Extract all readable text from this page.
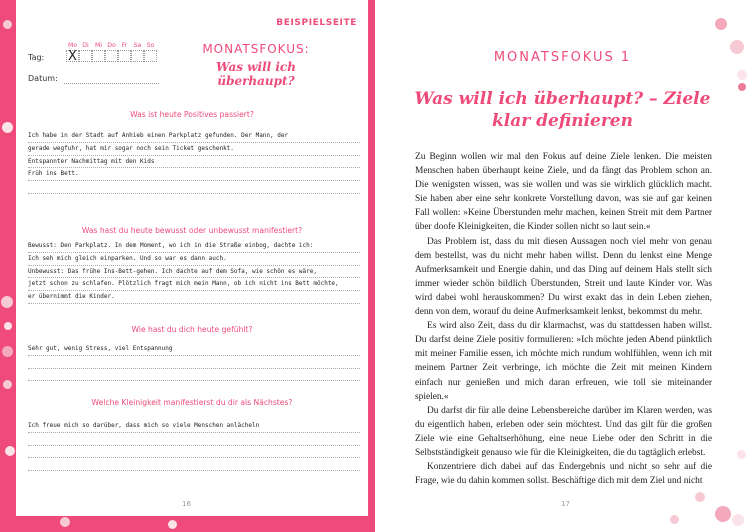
BEISPIELSEITE
Mo Di Mi Do Fr Sa So
Tag: X
Datum:
MONATSFOKUS:
Was will ich überhaupt?
Was ist heute Positives passiert?
Ich habe in der Stadt auf Anhieb einen Parkplatz gefunden. Der Mann, der
gerade wegfuhr, hat mir sogar noch sein Ticket geschenkt.
Entspannter Nachmittag mit den Kids
Früh ins Bett.
Was hast du heute bewusst oder unbewusst manifestiert?
Bewusst: Den Parkplatz. In dem Moment, wo ich in die Straße einbog, dachte ich:
Ich seh mich gleich einparken. Und so war es dann auch.
Unbewusst: Das frühe Ins-Bett-gehen. Ich dachte auf dem Sofa, wie schön es wäre,
jetzt schon zu schlafen. Plötzlich fragt mich mein Mann, ob ich nicht ins Bett möchte,
er übernimmt die Kinder.
Wie hast du dich heute gefühlt?
Sehr gut, wenig Stress, viel Entspannung
Welche Kleinigkeit manifestierst du dir als Nächstes?
Ich freue mich so darüber, dass mich so viele Menschen anlächeln
16
MONATSFOKUS 1
Was will ich überhaupt? – Ziele klar definieren

Zu Beginn wollen wir mal den Fokus auf deine Ziele lenken. Die meisten Menschen haben überhaupt keine Ziele, und da fängt das Problem schon an. Die wenigsten wissen, was sie wollen und was sie wirklich glücklich macht. Sie haben aber eine sehr konkrete Vorstellung davon, was sie auf gar keinen Fall wollen: »Keine Überstunden mehr machen, keinen Streit mit dem Partner über doofe Kleinigkeiten, die Kinder sollen nicht so laut sein.«

Das Problem ist, dass du mit diesen Aussagen noch viel mehr von genau dem bestellst, was du nicht mehr haben willst. Denn du lenkst eine Menge Aufmerksamkeit und Energie dahin, und das Ding auf deinem Hals stellt sich immer wieder schön bildlich Überstunden, Streit und laute Kinder vor. Was wird dabei wohl herauskommen? Du wirst exakt das in dein Leben ziehen, denn von dem, worauf du deine Aufmerksamkeit lenkst, bekommst du mehr.

Es wird also Zeit, dass du dir klarmachst, was du stattdessen haben willst. Du darfst deine Ziele positiv formulieren: »Ich möchte jeden Abend pünktlich mit meiner Familie essen, ich möchte mich rundum wohlfühlen, wenn ich mit meinem Partner Zeit verbringe, ich möchte die Zeit mit meinen Kindern einfach nur genießen und mich daran erfreuen, wie toll sie miteinander spielen.«

Du darfst dir für alle deine Lebensbereiche darüber im Klaren werden, was du eigentlich haben, erleben oder sein möchtest. Und das gilt für die großen Ziele wie eine Gehaltserhöhung, eine neue Liebe oder den Schritt in die Selbstständigkeit genauso wie für die Kleinigkeiten, die du tagtäglich erlebst.

Konzentriere dich dabei auf das Endergebnis und nicht so sehr auf die Frage, wie du dahin kommen sollst. Beschäftige dich mit dem Ziel und nicht

17
